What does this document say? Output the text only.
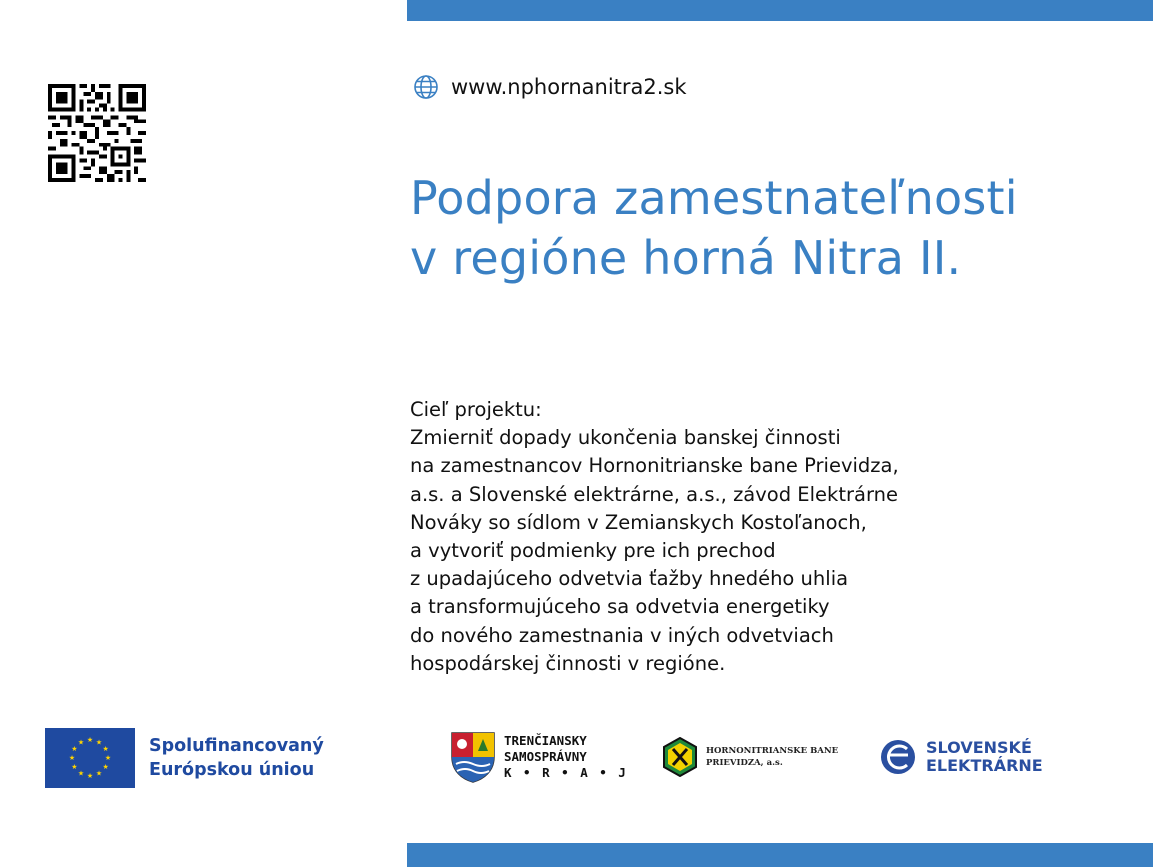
www.nphornanitra2.sk
Podpora zamestnateľnosti
v regióne horná Nitra II.
Cieľ projektu:
Zmierniť dopady ukončenia banskej činnosti
na zamestnancov Hornonitrianske bane Prievidza,
a.s. a Slovenské elektrárne, a.s., závod Elektrárne
Nováky so sídlom v Zemianskych Kostoľanoch,
a vytvoriť podmienky pre ich prechod
z upadajúceho odvetvia ťažby hnedého uhlia
a transformujúceho sa odvetvia energetiky
do nového zamestnania v iných odvetviach
hospodárskej činnosti v regióne.
★ ★
★
★
★
★
★
★
★
★
★
★	Spolufinancovaný
Európskou úniou
TRENČIANSKY
SAMOSPRÁVNY
K • R • A • J
HORNONITRIANSKE BANE
PRIEVIDZA, a.s.
SLOVENSKÉ
ELEKTRÁRNE
